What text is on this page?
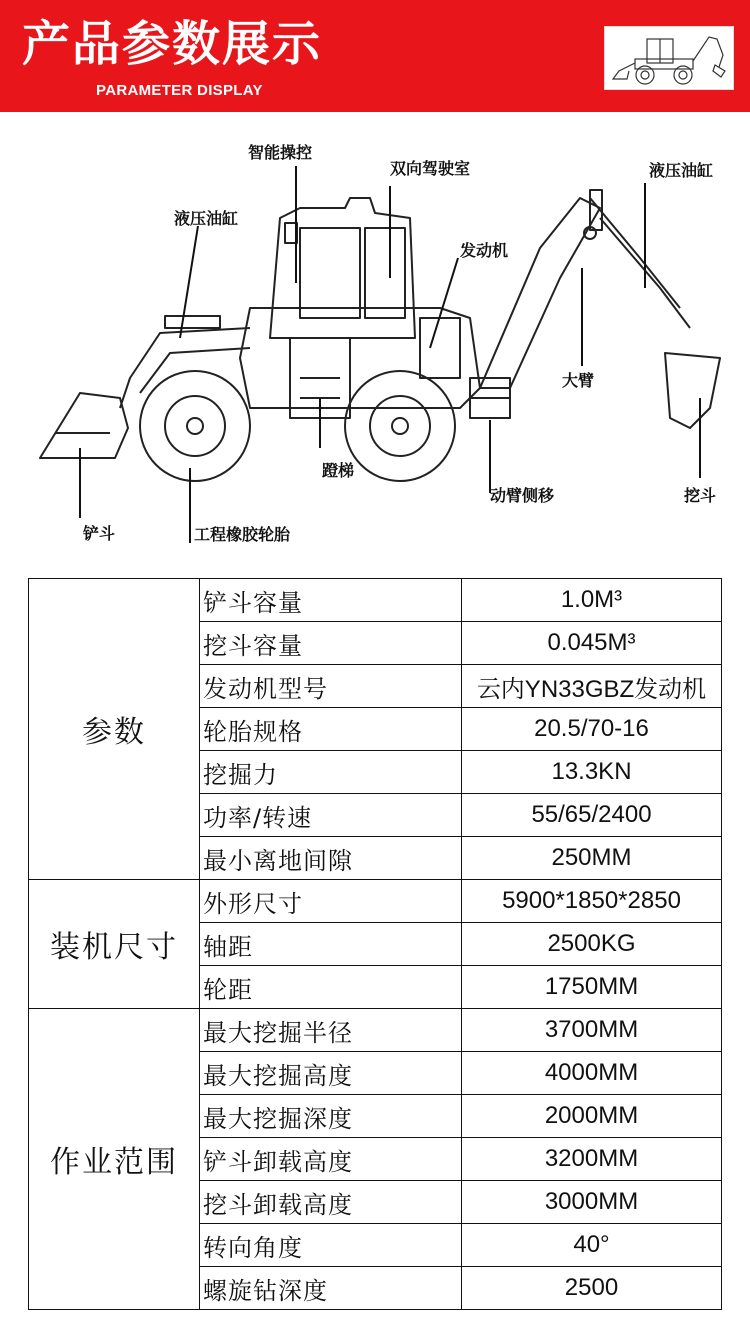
产品参数展示
PARAMETER DISPLAY
智能操控
双向驾驶室
液压油缸
发动机
液压油缸
大臂
蹬梯
动臂侧移	挖斗
铲斗	工程橡胶轮胎
参数	铲斗容量	1.0M³
	挖斗容量	0.045M³
	发动机型号	云内YN33GBZ发动机
	轮胎规格	20.5/70-16
	挖掘力	13.3KN
	功率/转速	55/65/2400
	最小离地间隙	250MM
装机尺寸	外形尺寸	5900*1850*2850
	轴距	2500KG
	轮距	1750MM
作业范围	最大挖掘半径	3700MM
	最大挖掘高度	4000MM
	最大挖掘深度	2000MM
	铲斗卸载高度	3200MM
	挖斗卸载高度	3000MM
	转向角度	40°
	螺旋钻深度	2500
